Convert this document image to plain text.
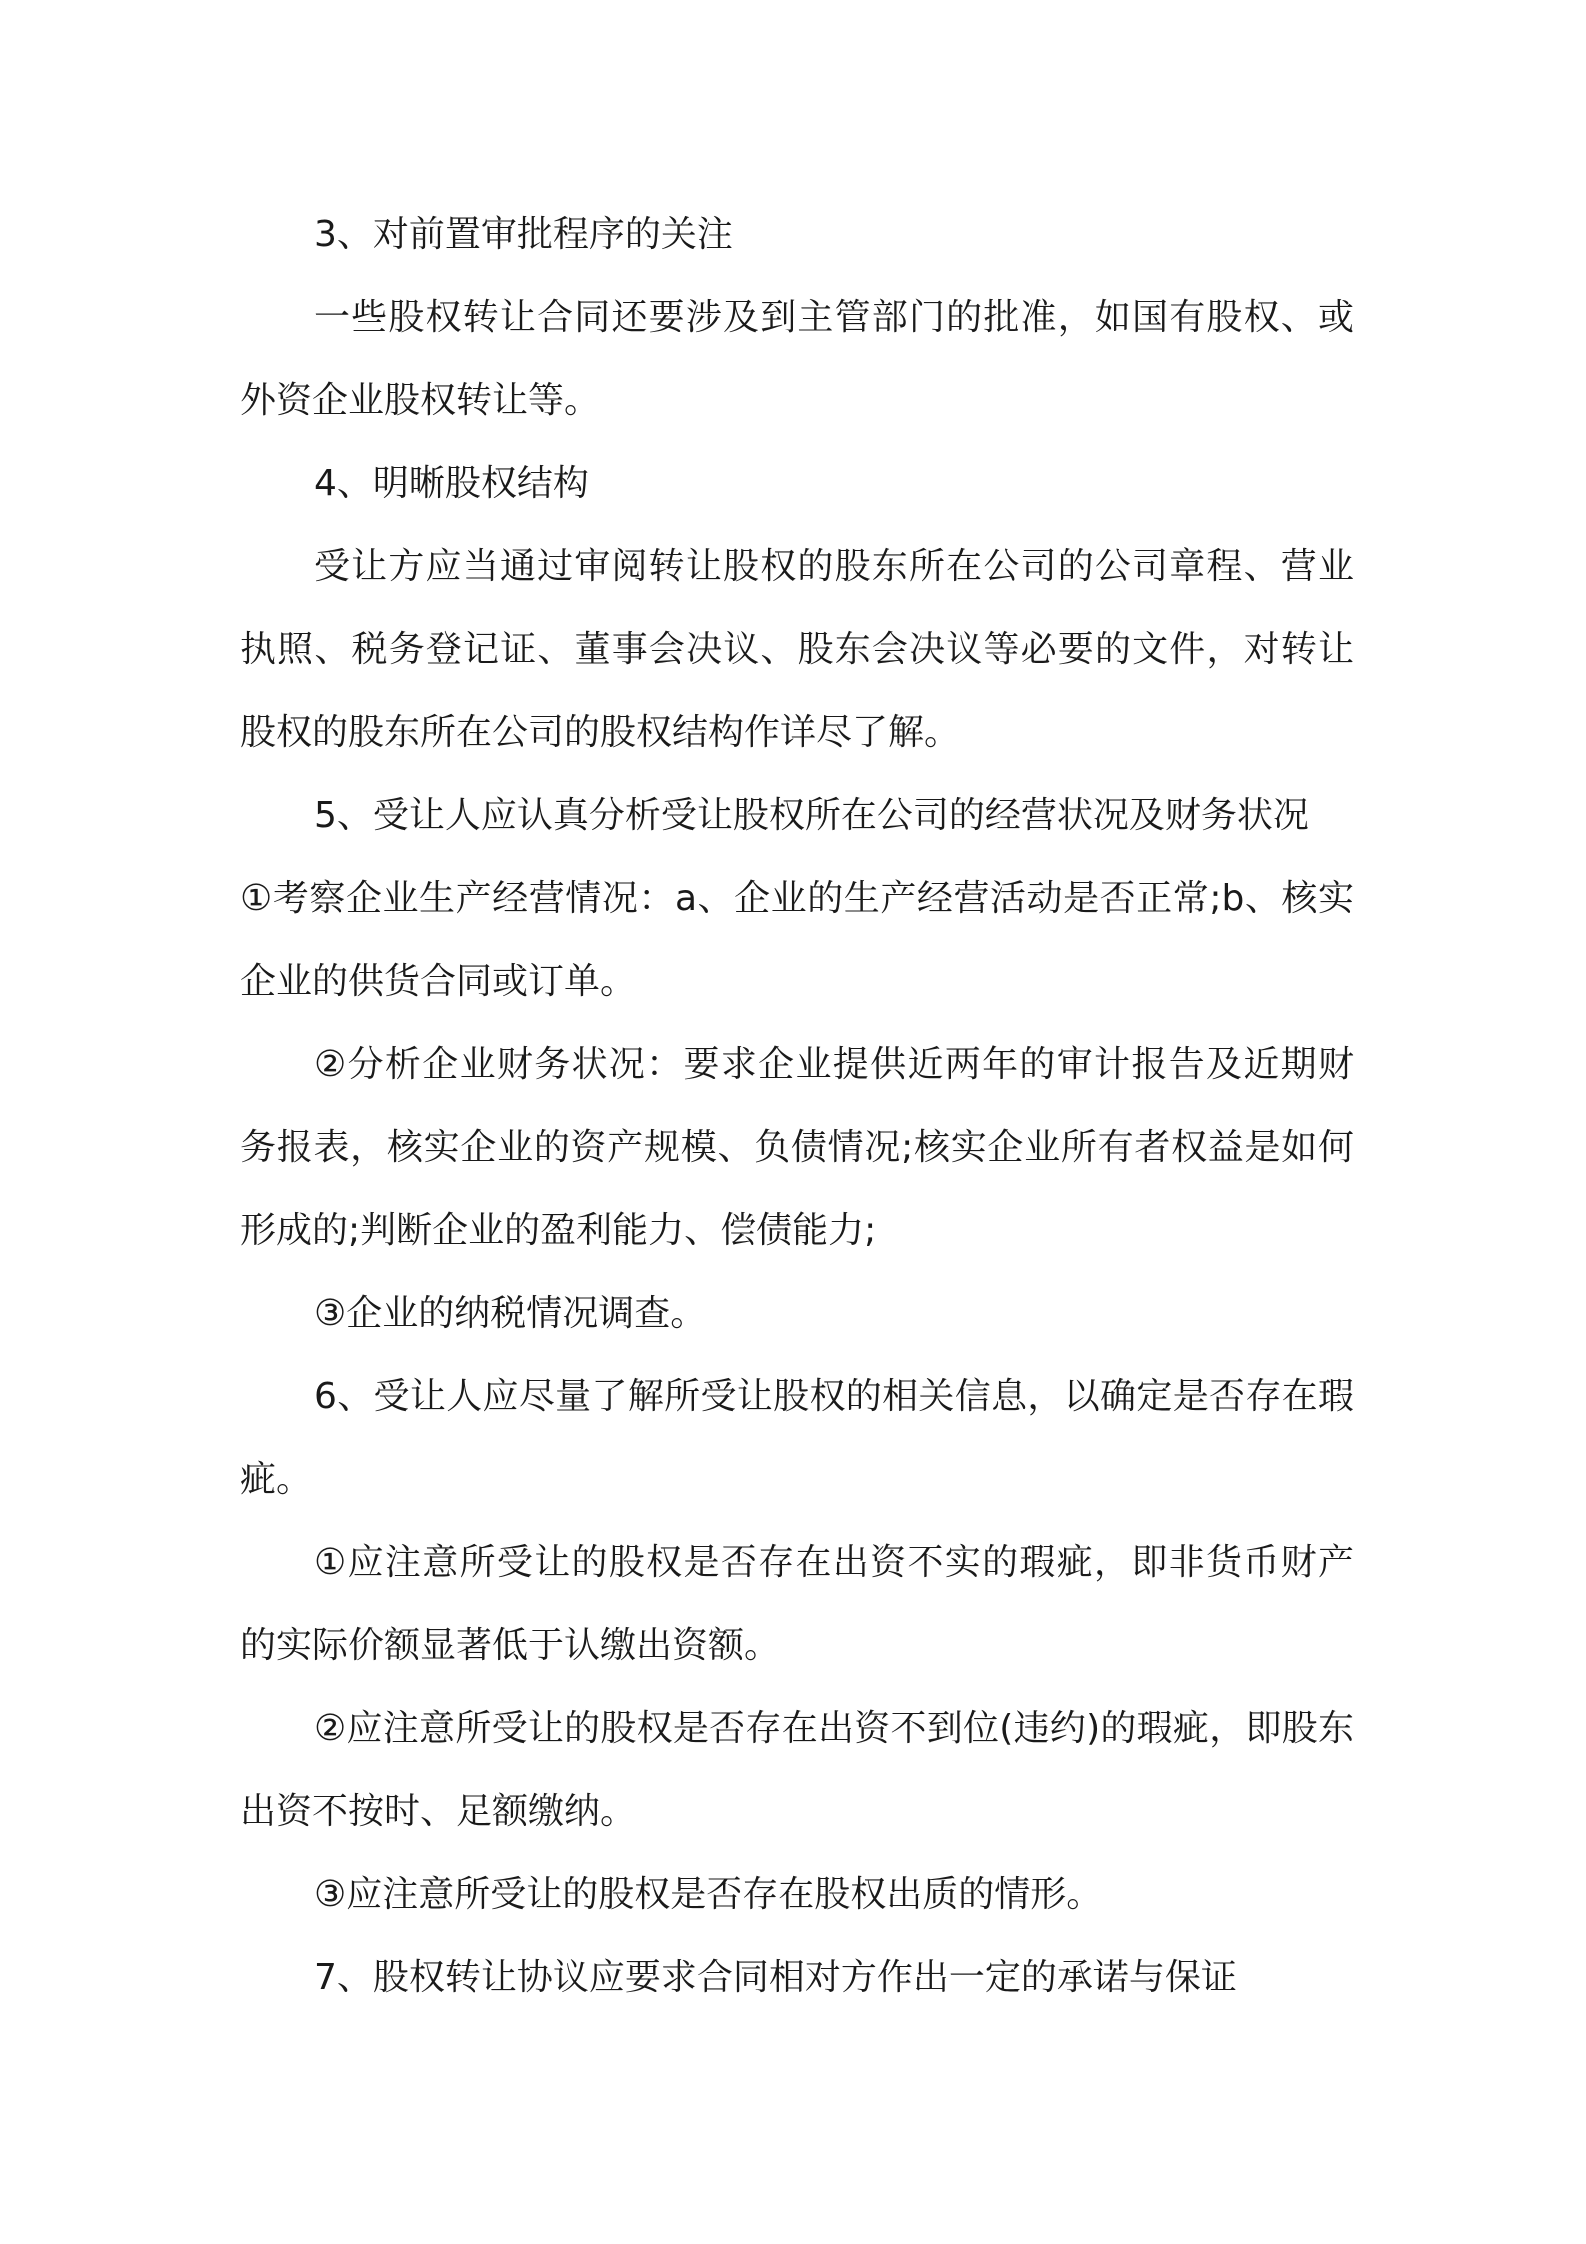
3、对前置审批程序的关注

一些股权转让合同还要涉及到主管部门的批准，如国有股权、或外资企业股权转让等。

4、明晰股权结构

受让方应当通过审阅转让股权的股东所在公司的公司章程、营业执照、税务登记证、董事会决议、股东会决议等必要的文件，对转让股权的股东所在公司的股权结构作详尽了解。

5、受让人应认真分析受让股权所在公司的经营状况及财务状况

①考察企业生产经营情况：a、企业的生产经营活动是否正常;b、核实企业的供货合同或订单。

②分析企业财务状况：要求企业提供近两年的审计报告及近期财务报表，核实企业的资产规模、负债情况;核实企业所有者权益是如何形成的;判断企业的盈利能力、偿债能力;

③企业的纳税情况调查。

6、受让人应尽量了解所受让股权的相关信息，以确定是否存在瑕疵。

①应注意所受让的股权是否存在出资不实的瑕疵，即非货币财产的实际价额显著低于认缴出资额。

②应注意所受让的股权是否存在出资不到位(违约)的瑕疵，即股东出资不按时、足额缴纳。

③应注意所受让的股权是否存在股权出质的情形。

7、股权转让协议应要求合同相对方作出一定的承诺与保证
